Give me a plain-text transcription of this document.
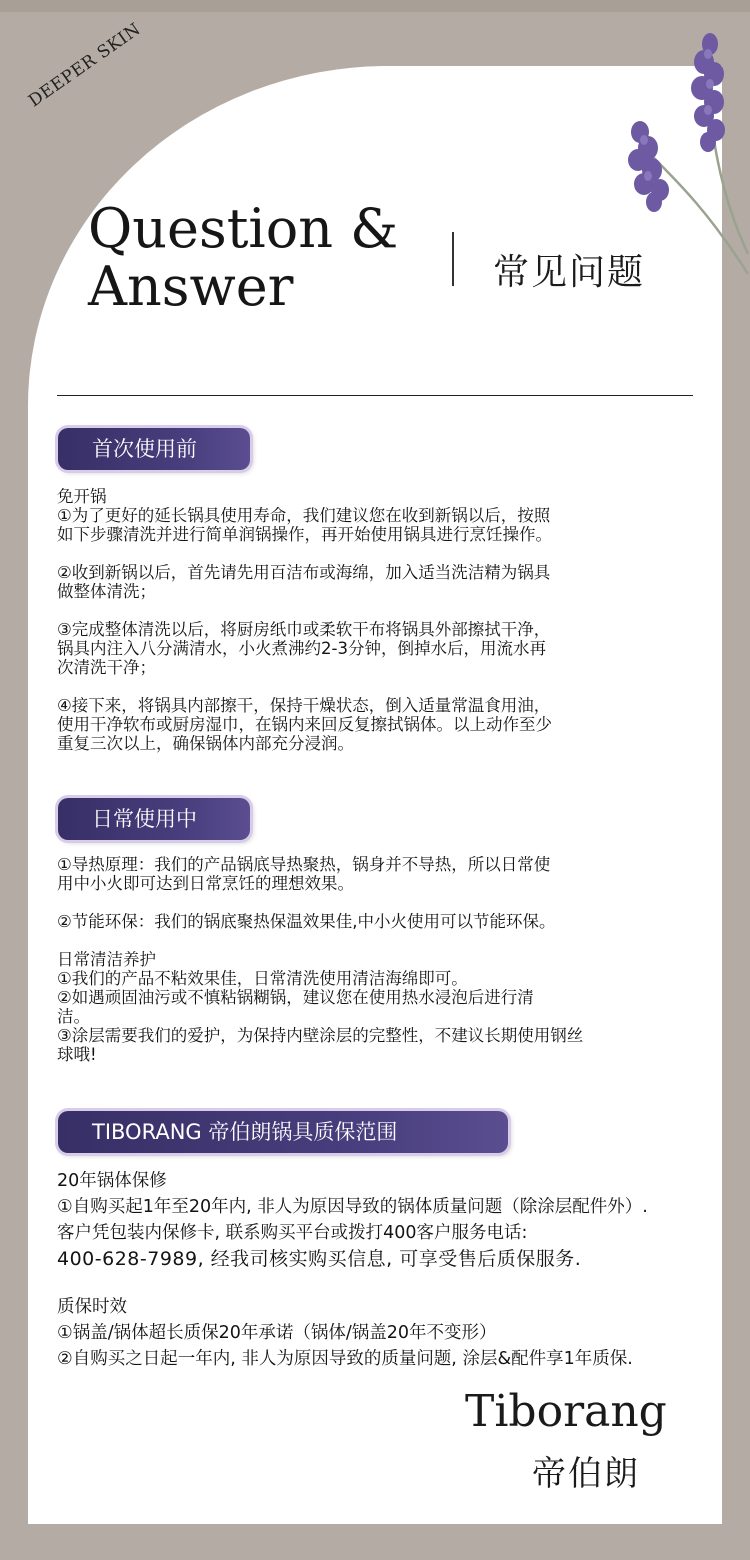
DEEPER SKIN
Question &
Answer	常见问题
首次使用前

免开锅

①为了更好的延长锅具使用寿命，我们建议您在收到新锅以后，按照

如下步骤清洗并进行简单润锅操作，再开始使用锅具进行烹饪操作。

②收到新锅以后，首先请先用百洁布或海绵，加入适当洗洁精为锅具

做整体清洗；

③完成整体清洗以后，将厨房纸巾或柔软干布将锅具外部擦拭干净，

锅具内注入八分满清水，小火煮沸约2-3分钟，倒掉水后，用流水再

次清洗干净；

④接下来，将锅具内部擦干，保持干燥状态，倒入适量常温食用油，

使用干净软布或厨房湿巾，在锅内来回反复擦拭锅体。以上动作至少

重复三次以上，确保锅体内部充分浸润。

日常使用中

①导热原理：我们的产品锅底导热聚热，锅身并不导热，所以日常使

用中小火即可达到日常烹饪的理想效果。

②节能环保：我们的锅底聚热保温效果佳,中小火使用可以节能环保。

日常清洁养护

①我们的产品不粘效果佳，日常清洗使用清洁海绵即可。

②如遇顽固油污或不慎粘锅糊锅，建议您在使用热水浸泡后进行清

洁。

③涂层需要我们的爱护，为保持内壁涂层的完整性，不建议长期使用钢丝

球哦!

TIBORANG 帝伯朗锅具质保范围

20年锅体保修

①自购买起1年至20年内, 非人为原因导致的锅体质量问题（除涂层配件外）.

客户凭包装内保修卡, 联系购买平台或拨打400客户服务电话:

400-628-7989, 经我司核实购买信息, 可享受售后质保服务.

质保时效

①锅盖/锅体超长质保20年承诺（锅体/锅盖20年不变形）

②自购买之日起一年内, 非人为原因导致的质量问题, 涂层&配件享1年质保.

Tiborang
帝伯朗
